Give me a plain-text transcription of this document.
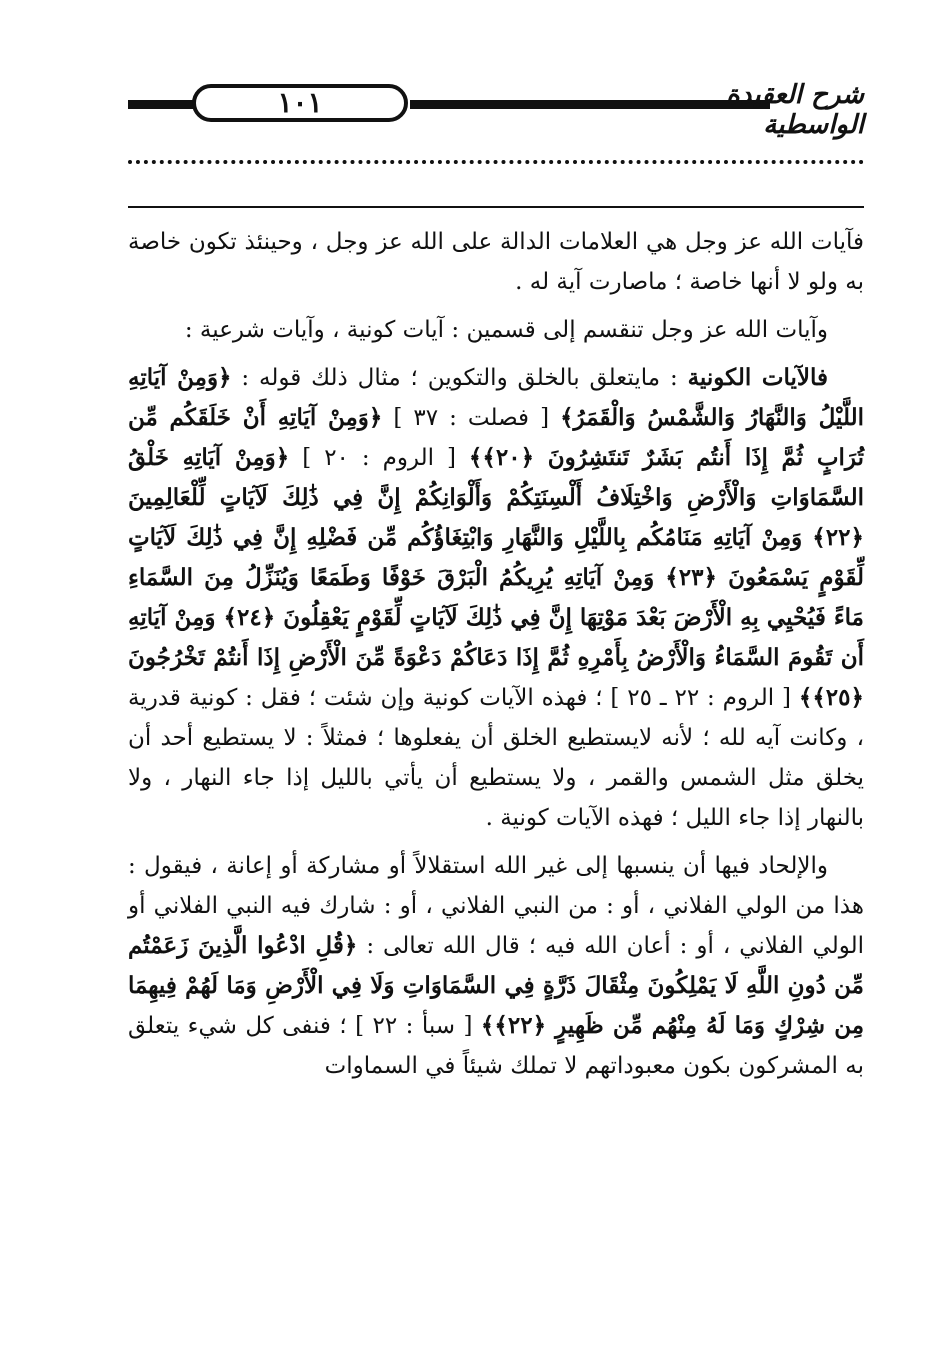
١٠١	شرح العقيدة الواسطية

فآيات الله عز وجل هي العلامات الدالة على الله عز وجل ، وحينئذ تكون خاصة به ولو لا أنها خاصة ؛ ماصارت آية له .

وآيات الله عز وجل تنقسم إلى قسمين : آيات كونية ، وآيات شرعية :

فالآيات الكونية : مايتعلق بالخلق والتكوين ؛ مثال ذلك قوله : ﴿وَمِنْ آيَاتِهِ اللَّيْلُ وَالنَّهَارُ وَالشَّمْسُ وَالْقَمَرُ﴾ [ فصلت : ٣٧ ] ﴿وَمِنْ آيَاتِهِ أَنْ خَلَقَكُم مِّن تُرَابٍ ثُمَّ إِذَا أَنتُم بَشَرٌ تَنتَشِرُونَ ﴿٢٠﴾﴾ [ الروم : ٢٠ ] ﴿وَمِنْ آيَاتِهِ خَلْقُ السَّمَاوَاتِ وَالْأَرْضِ وَاخْتِلَافُ أَلْسِنَتِكُمْ وَأَلْوَانِكُمْ إِنَّ فِي ذَٰلِكَ لَآيَاتٍ لِّلْعَالِمِينَ ﴿٢٢﴾ وَمِنْ آيَاتِهِ مَنَامُكُم بِاللَّيْلِ وَالنَّهَارِ وَابْتِغَاؤُكُم مِّن فَضْلِهِ إِنَّ فِي ذَٰلِكَ لَآيَاتٍ لِّقَوْمٍ يَسْمَعُونَ ﴿٢٣﴾ وَمِنْ آيَاتِهِ يُرِيكُمُ الْبَرْقَ خَوْفًا وَطَمَعًا وَيُنَزِّلُ مِنَ السَّمَاءِ مَاءً فَيُحْيِي بِهِ الْأَرْضَ بَعْدَ مَوْتِهَا إِنَّ فِي ذَٰلِكَ لَآيَاتٍ لِّقَوْمٍ يَعْقِلُونَ ﴿٢٤﴾ وَمِنْ آيَاتِهِ أَن تَقُومَ السَّمَاءُ وَالْأَرْضُ بِأَمْرِهِ ثُمَّ إِذَا دَعَاكُمْ دَعْوَةً مِّنَ الْأَرْضِ إِذَا أَنتُمْ تَخْرُجُونَ ﴿٢٥﴾﴾ [ الروم : ٢٢ ـ ٢٥ ] ؛ فهذه الآيات كونية وإن شئت ؛ فقل : كونية قدرية ، وكانت آيه لله ؛ لأنه لايستطيع الخلق أن يفعلوها ؛ فمثلاً : لا يستطيع أحد أن يخلق مثل الشمس والقمر ، ولا يستطيع أن يأتي بالليل إذا جاء النهار ، ولا بالنهار إذا جاء الليل ؛ فهذه الآيات كونية .

والإلحاد فيها أن ينسبها إلى غير الله استقلالاً أو مشاركة أو إعانة ، فيقول : هذا من الولي الفلاني ، أو : من النبي الفلاني ، أو : شارك فيه النبي الفلاني أو الولي الفلاني ، أو : أعان الله فيه ؛ قال الله تعالى : ﴿قُلِ ادْعُوا الَّذِينَ زَعَمْتُم مِّن دُونِ اللَّهِ لَا يَمْلِكُونَ مِثْقَالَ ذَرَّةٍ فِي السَّمَاوَاتِ وَلَا فِي الْأَرْضِ وَمَا لَهُمْ فِيهِمَا مِن شِرْكٍ وَمَا لَهُ مِنْهُم مِّن ظَهِيرٍ ﴿٢٢﴾﴾ [ سبأ : ٢٢ ] ؛ فنفى كل شيء يتعلق به المشركون بكون معبوداتهم لا تملك شيئاً في السماوات
